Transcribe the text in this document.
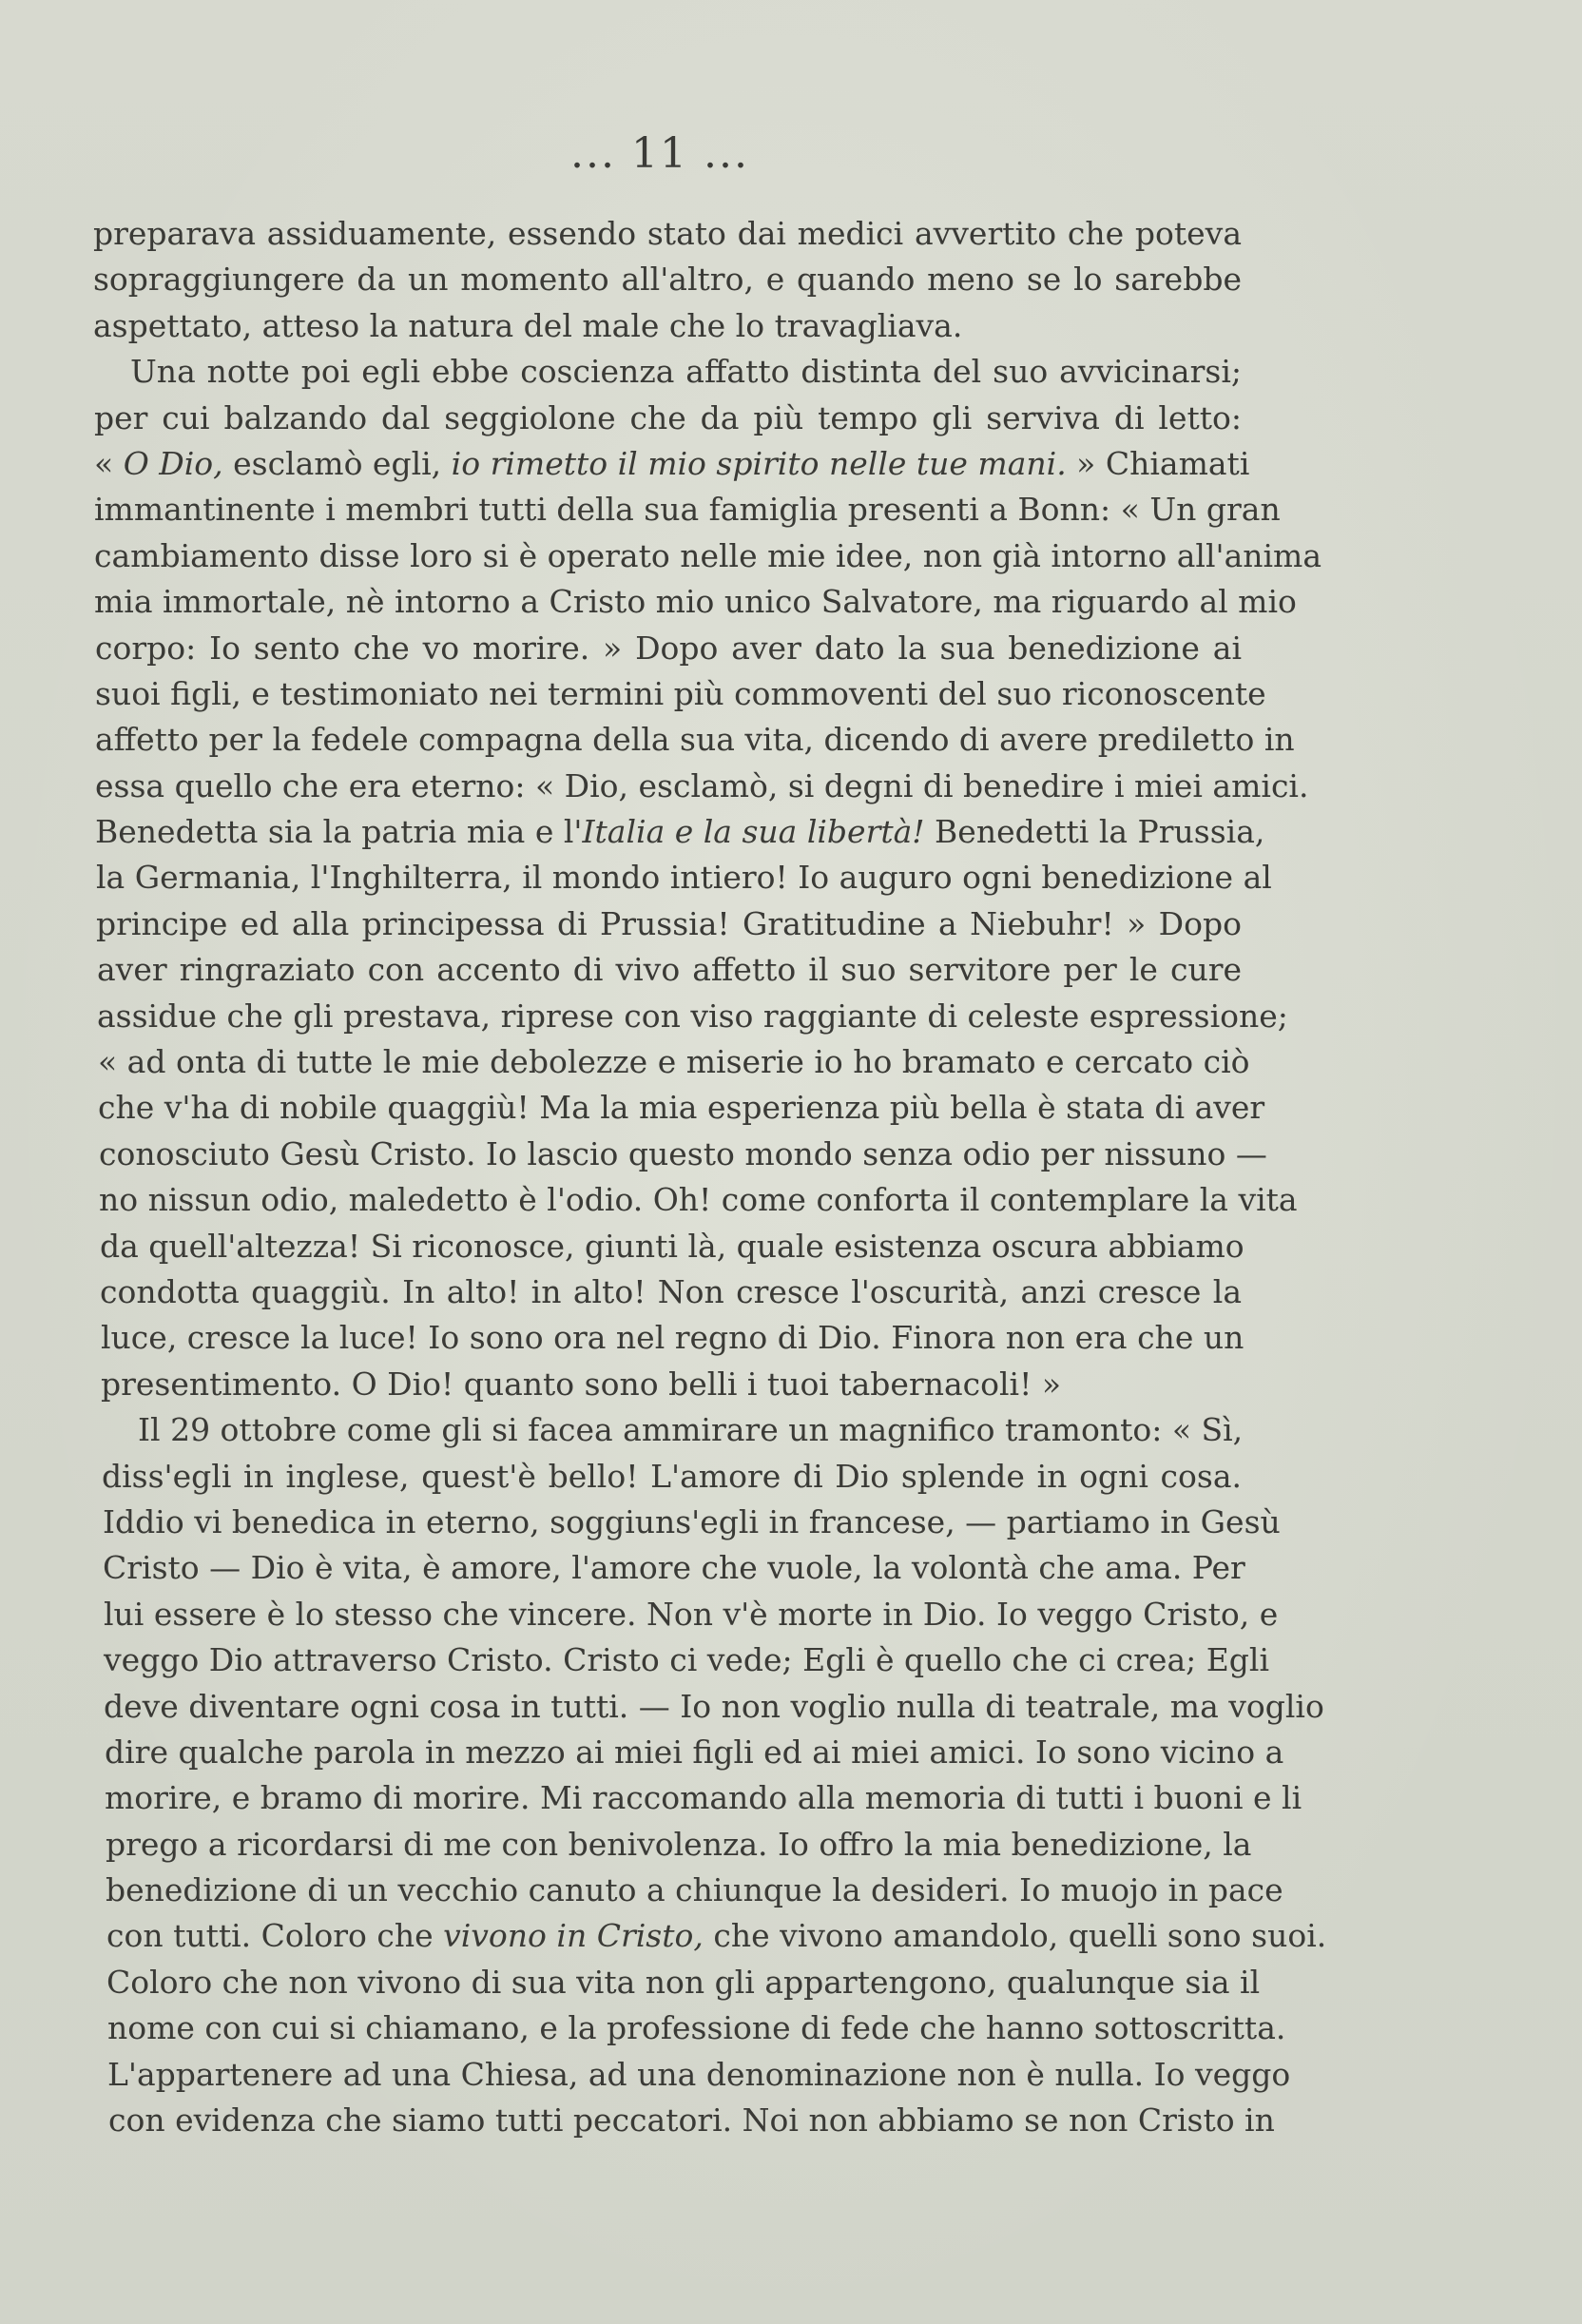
... 11 ...
preparava assiduamente, essendo stato dai medici avvertito che poteva
sopraggiungere da un momento all'altro, e quando meno se lo sarebbe
aspettato, atteso la natura del male che lo travagliava.
Una notte poi egli ebbe coscienza affatto distinta del suo avvicinarsi;
per cui balzando dal seggiolone che da più tempo gli serviva di letto:
« O Dio, esclamò egli, io rimetto il mio spirito nelle tue mani. » Chiamati
immantinente i membri tutti della sua famiglia presenti a Bonn: « Un gran
cambiamento disse loro si è operato nelle mie idee, non già intorno all'anima
mia immortale, nè intorno a Cristo mio unico Salvatore, ma riguardo al mio
corpo: Io sento che vo morire. » Dopo aver dato la sua benedizione ai
suoi figli, e testimoniato nei termini più commoventi del suo riconoscente
affetto per la fedele compagna della sua vita, dicendo di avere prediletto in
essa quello che era eterno: « Dio, esclamò, si degni di benedire i miei amici.
Benedetta sia la patria mia e l'Italia e la sua libertà! Benedetti la Prussia,
la Germania, l'Inghilterra, il mondo intiero! Io auguro ogni benedizione al
principe ed alla principessa di Prussia! Gratitudine a Niebuhr! » Dopo
aver ringraziato con accento di vivo affetto il suo servitore per le cure
assidue che gli prestava, riprese con viso raggiante di celeste espressione;
« ad onta di tutte le mie debolezze e miserie io ho bramato e cercato ciò
che v'ha di nobile quaggiù! Ma la mia esperienza più bella è stata di aver
conosciuto Gesù Cristo. Io lascio questo mondo senza odio per nissuno —
no nissun odio, maledetto è l'odio. Oh! come conforta il contemplare la vita
da quell'altezza! Si riconosce, giunti là, quale esistenza oscura abbiamo
condotta quaggiù. In alto! in alto! Non cresce l'oscurità, anzi cresce la
luce, cresce la luce! Io sono ora nel regno di Dio. Finora non era che un
presentimento. O Dio! quanto sono belli i tuoi tabernacoli! »
Il 29 ottobre come gli si facea ammirare un magnifico tramonto: « Sì,
diss'egli in inglese, quest'è bello! L'amore di Dio splende in ogni cosa.
Iddio vi benedica in eterno, soggiuns'egli in francese, — partiamo in Gesù
Cristo — Dio è vita, è amore, l'amore che vuole, la volontà che ama. Per
lui essere è lo stesso che vincere. Non v'è morte in Dio. Io veggo Cristo, e
veggo Dio attraverso Cristo. Cristo ci vede; Egli è quello che ci crea; Egli
deve diventare ogni cosa in tutti. — Io non voglio nulla di teatrale, ma voglio
dire qualche parola in mezzo ai miei figli ed ai miei amici. Io sono vicino a
morire, e bramo di morire. Mi raccomando alla memoria di tutti i buoni e li
prego a ricordarsi di me con benivolenza. Io offro la mia benedizione, la
benedizione di un vecchio canuto a chiunque la desideri. Io muojo in pace
con tutti. Coloro che vivono in Cristo, che vivono amandolo, quelli sono suoi.
Coloro che non vivono di sua vita non gli appartengono, qualunque sia il
nome con cui si chiamano, e la professione di fede che hanno sottoscritta.
L'appartenere ad una Chiesa, ad una denominazione non è nulla. Io veggo
con evidenza che siamo tutti peccatori. Noi non abbiamo se non Cristo in
